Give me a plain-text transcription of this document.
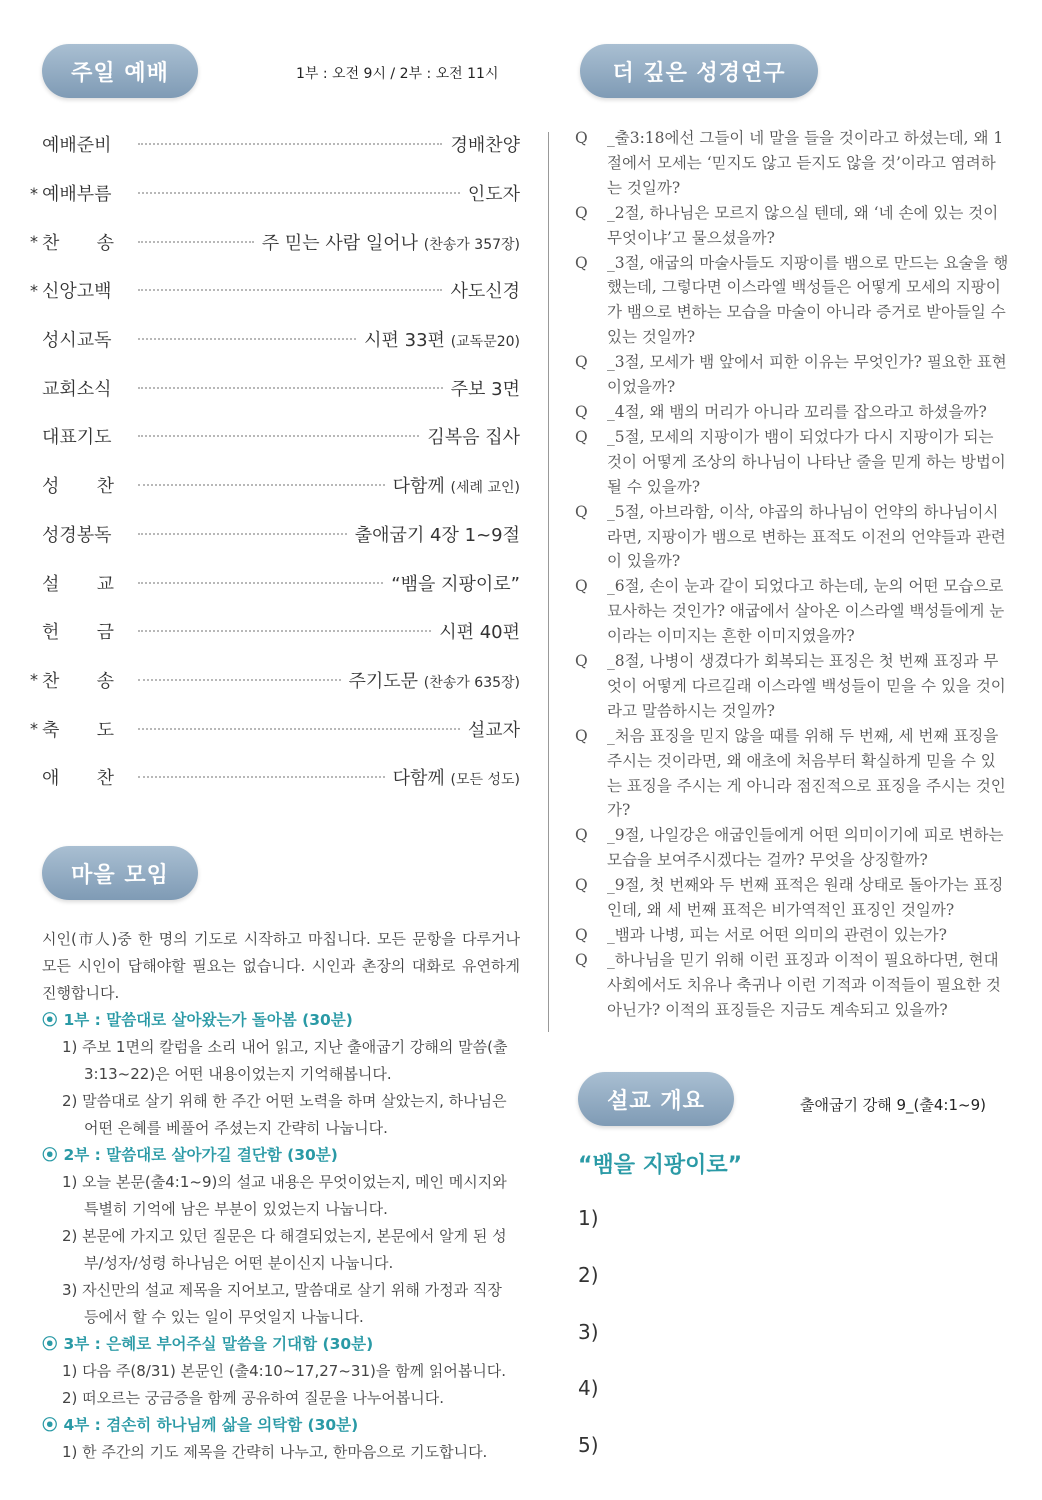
주일 예배	1부 : 오전 9시 / 2부 : 오전 11시
예배준비	경배찬양
* 예배부름	인도자
* 찬 송	주 믿는 사람 일어나 (찬송가 357장)
* 신앙고백	사도신경
성시교독	시편 33편 (교독문20)
교회소식	주보 3면
대표기도	김복음 집사
성 찬	다함께 (세례 교인)
성경봉독	출애굽기 4장 1~9절
설 교	“뱀을 지팡이로”
헌 금	시편 40편
* 찬 송	주기도문 (찬송가 635장)
* 축 도	설교자
애 찬	다함께 (모든 성도)
마을 모임

시인(市人)중 한 명의 기도로 시작하고 마칩니다. 모든 문항을 다루거나 모든 시인이 답해야할 필요는 없습니다. 시인과 촌장의 대화로 유연하게 진행합니다.

⦿ 1부 : 말씀대로 살아왔는가 돌아봄 (30분)

1) 주보 1면의 칼럼을 소리 내어 읽고, 지난 출애굽기 강해의 말씀(출3:13~22)은 어떤 내용이었는지 기억해봅니다.

2) 말씀대로 살기 위해 한 주간 어떤 노력을 하며 살았는지, 하나님은 어떤 은혜를 베풀어 주셨는지 간략히 나눕니다.

⦿ 2부 : 말씀대로 살아가길 결단함 (30분)

1) 오늘 본문(출4:1~9)의 설교 내용은 무엇이었는지, 메인 메시지와 특별히 기억에 남은 부분이 있었는지 나눕니다.

2) 본문에 가지고 있던 질문은 다 해결되었는지, 본문에서 알게 된 성부/성자/성령 하나님은 어떤 분이신지 나눕니다.

3) 자신만의 설교 제목을 지어보고, 말씀대로 살기 위해 가정과 직장 등에서 할 수 있는 일이 무엇일지 나눕니다.

⦿ 3부 : 은혜로 부어주실 말씀을 기대함 (30분)

1) 다음 주(8/31) 본문인 (출4:10~17,27~31)을 함께 읽어봅니다.

2) 떠오르는 궁금증을 함께 공유하여 질문을 나누어봅니다.

⦿ 4부 : 겸손히 하나님께 삶을 의탁함 (30분)

1) 한 주간의 기도 제목을 간략히 나누고, 한마음으로 기도합니다.

더 깊은 성경연구
Q _출3:18에선 그들이 네 말을 들을 것이라고 하셨는데, 왜 1절에서 모세는 ‘믿지도 않고 듣지도 않을 것’이라고 염려하는 것일까?
Q _2절, 하나님은 모르지 않으실 텐데, 왜 ‘네 손에 있는 것이 무엇이냐’고 물으셨을까?
Q _3절, 애굽의 마술사들도 지팡이를 뱀으로 만드는 요술을 행했는데, 그렇다면 이스라엘 백성들은 어떻게 모세의 지팡이가 뱀으로 변하는 모습을 마술이 아니라 증거로 받아들일 수 있는 것일까?
Q _3절, 모세가 뱀 앞에서 피한 이유는 무엇인가? 필요한 표현이었을까?
Q _4절, 왜 뱀의 머리가 아니라 꼬리를 잡으라고 하셨을까?
Q _5절, 모세의 지팡이가 뱀이 되었다가 다시 지팡이가 되는 것이 어떻게 조상의 하나님이 나타난 줄을 믿게 하는 방법이 될 수 있을까?
Q _5절, 아브라함, 이삭, 야곱의 하나님이 언약의 하나님이시라면, 지팡이가 뱀으로 변하는 표적도 이전의 언약들과 관련이 있을까?
Q _6절, 손이 눈과 같이 되었다고 하는데, 눈의 어떤 모습으로 묘사하는 것인가? 애굽에서 살아온 이스라엘 백성들에게 눈이라는 이미지는 흔한 이미지였을까?
Q _8절, 나병이 생겼다가 회복되는 표징은 첫 번째 표징과 무엇이 어떻게 다르길래 이스라엘 백성들이 믿을 수 있을 것이라고 말씀하시는 것일까?
Q _처음 표징을 믿지 않을 때를 위해 두 번째, 세 번째 표징을 주시는 것이라면, 왜 애초에 처음부터 확실하게 믿을 수 있는 표징을 주시는 게 아니라 점진적으로 표징을 주시는 것인가?
Q _9절, 나일강은 애굽인들에게 어떤 의미이기에 피로 변하는 모습을 보여주시겠다는 걸까? 무엇을 상징할까?
Q _9절, 첫 번째와 두 번째 표적은 원래 상태로 돌아가는 표징인데, 왜 세 번째 표적은 비가역적인 표징인 것일까?
Q _뱀과 나병, 피는 서로 어떤 의미의 관련이 있는가?
Q _하나님을 믿기 위해 이런 표징과 이적이 필요하다면, 현대 사회에서도 치유나 축귀나 이런 기적과 이적들이 필요한 것 아닌가? 이적의 표징들은 지금도 계속되고 있을까?
설교 개요	출애굽기 강해 9_(출4:1~9)
“뱀을 지팡이로”
1)
2)
3)
4)
5)
